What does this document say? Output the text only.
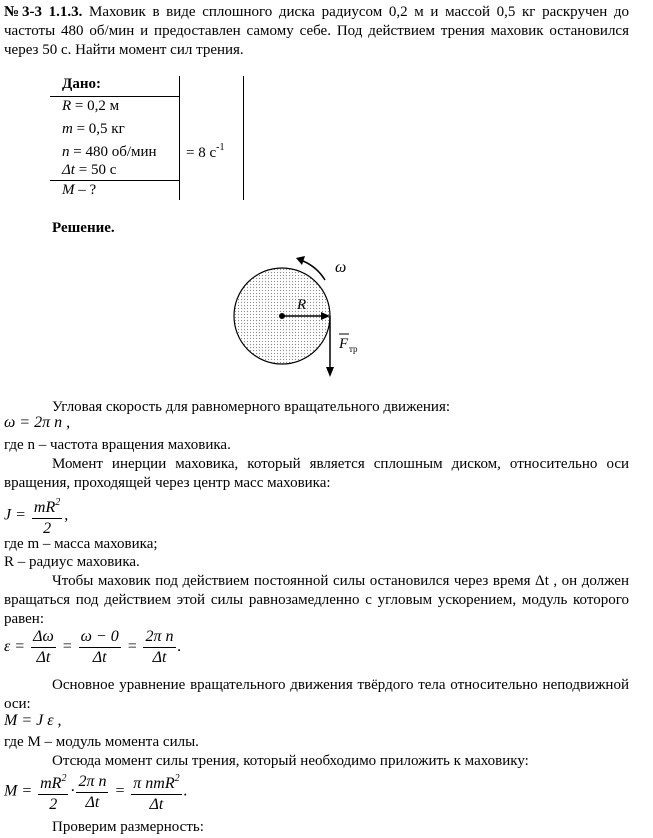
№3-3 1.1.3. Маховик в виде сплошного диска радиусом 0,2 м и массой 0,5 кг раскручен до частоты 480 об/мин и предоставлен самому себе. Под действием трения маховик остановился через 50 с. Найти момент сил трения.
Дано:
R = 0,2 м
m = 0,5 кг
n = 480 об/мин
Δt = 50 с
M – ?
= 8 $с^{-1}$
Решение.
R
ω
F тр
Угловая скорость для равномерного вращательного движения:
ω = 2π n ,
где n – частота вращения маховика.
Момент инерции маховика, который является сплошным диском, относительно оси вращения, проходящей через центр масс маховика:
$J = \frac{mR^2}{2}$ ,
где m – масса маховика;
R – радиус маховика.
Чтобы маховик под действием постоянной силы остановился через время Δt , он должен вращаться под действием этой силы равнозамедленно с угловым ускорением, модуль которого равен:
$\varepsilon = \frac{\Delta\omega}{\Delta t} = \frac{\omega - 0}{\Delta t} = \frac{\text{2π n}}{\Delta t}$ .
Основное уравнение вращательного движения твёрдого тела относительно неподвижной оси:
M = J ε ,
где M – модуль момента силы.
Отсюда момент силы трения, который необходимо приложить к маховику:
$M = \frac{mR^2}{2} \cdot \frac{\text{2π n}}{\Delta t} = \frac{\pi nmR^2}{\Delta t}$ .
Проверим размерность:
